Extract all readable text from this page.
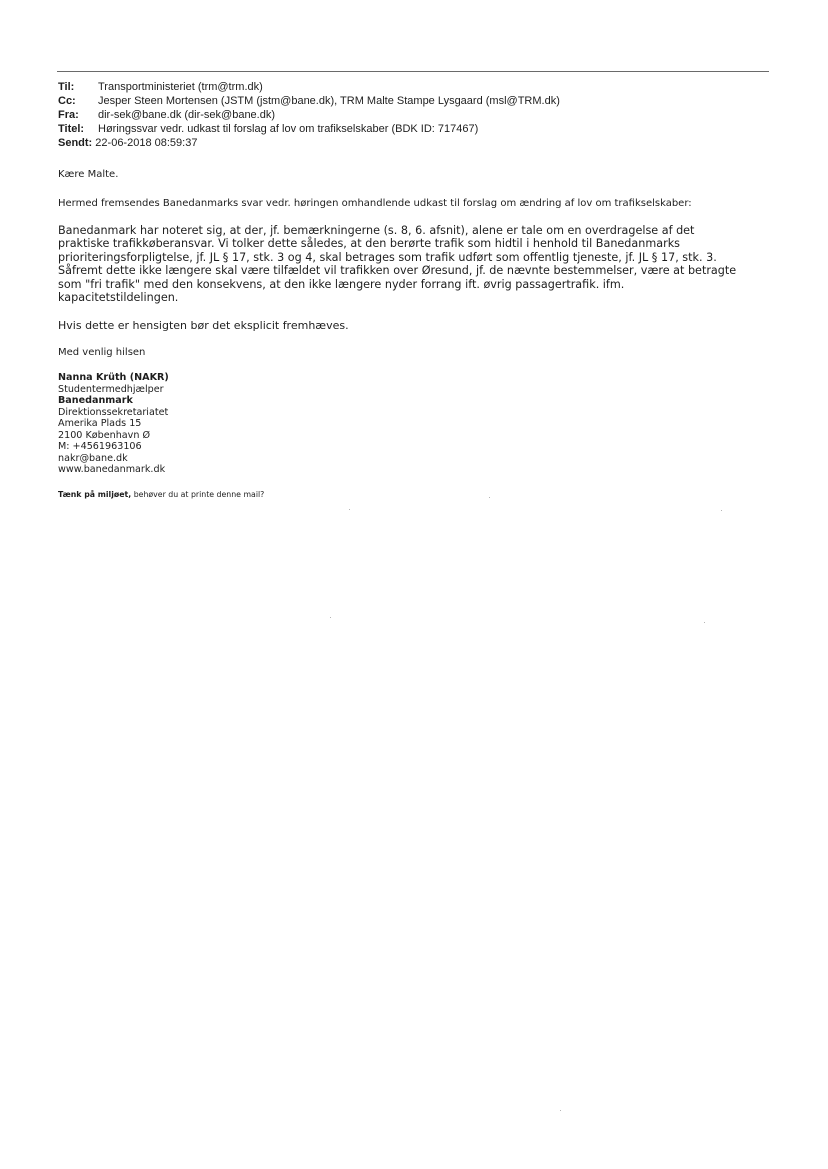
Til: Transportministeriet (trm@trm.dk)
Cc: Jesper Steen Mortensen (JSTM (jstm@bane.dk), TRM Malte Stampe Lysgaard (msl@TRM.dk)
Fra: dir-sek@bane.dk (dir-sek@bane.dk)
Titel: Høringssvar vedr. udkast til forslag af lov om trafikselskaber (BDK ID: 717467)
Sendt: 22-06-2018 08:59:37

Kære Malte.

Hermed fremsendes Banedanmarks svar vedr. høringen omhandlende udkast til forslag om ændring af lov om trafikselskaber:

Banedanmark har noteret sig, at der, jf. bemærkningerne (s. 8, 6. afsnit), alene er tale om en overdragelse af det
praktiske trafikkøberansvar. Vi tolker dette således, at den berørte trafik som hidtil i henhold til Banedanmarks
prioriteringsforpligtelse, jf. JL § 17, stk. 3 og 4, skal betrages som trafik udført som offentlig tjeneste, jf. JL § 17, stk. 3.
Såfremt dette ikke længere skal være tilfældet vil trafikken over Øresund, jf. de nævnte bestemmelser, være at betragte
som "fri trafik" med den konsekvens, at den ikke længere nyder forrang ift. øvrig passagertrafik. ifm.
kapacitetstildelingen.

Hvis dette er hensigten bør det eksplicit fremhæves.

Med venlig hilsen

Nanna Krüth (NAKR)
Studentermedhjælper
Banedanmark
Direktionssekretariatet
Amerika Plads 15
2100 København Ø
M: +4561963106
nakr@bane.dk
www.banedanmark.dk
Tænk på miljøet, behøver du at printe denne mail?
